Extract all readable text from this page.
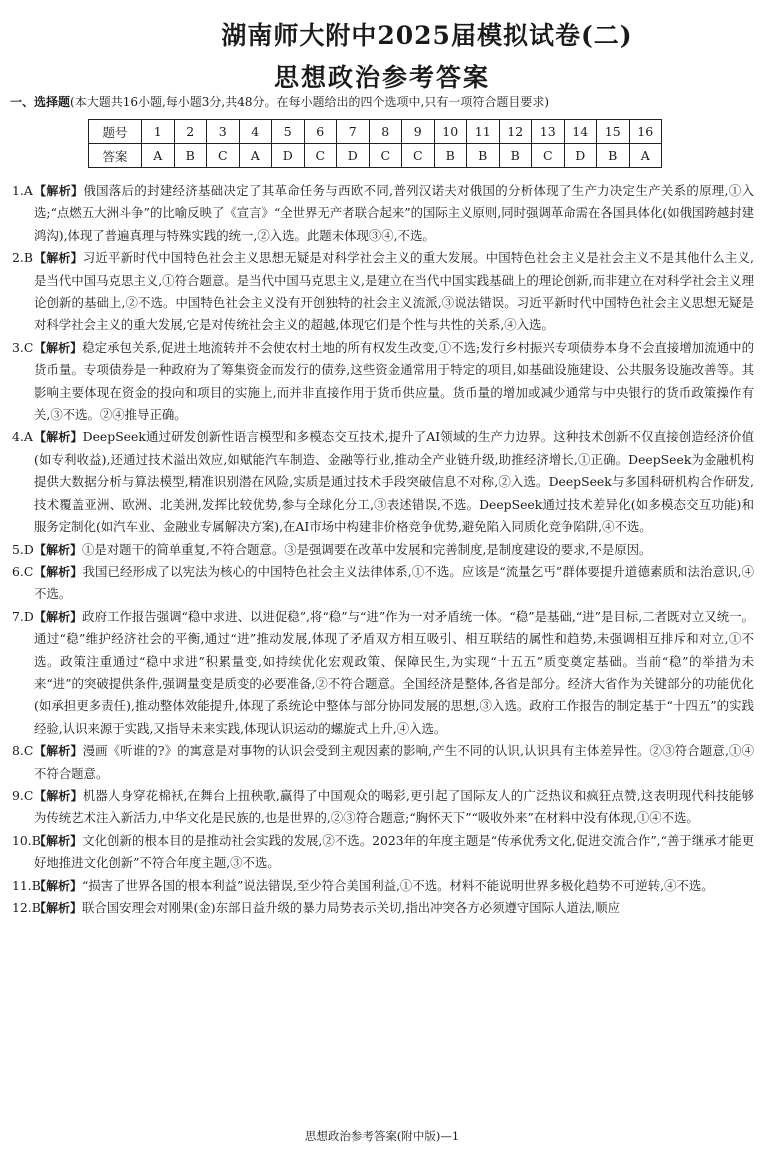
湖南师大附中2025届模拟试卷(二)
思想政治参考答案
一、选择题(本大题共16小题,每小题3分,共48分。在每小题给出的四个选项中,只有一项符合题目要求)
题号	1	2	3	4	5	6	7	8	9	10	11	12	13	14	15	16
答案	A	B	C	A	D	C	D	C	C	B	B	B	C	D	B	A

1.A 【解析】俄国落后的封建经济基础决定了其革命任务与西欧不同,普列汉诺夫对俄国的分析体现了生产力决定生产关系的原理,①入选;“点燃五大洲斗争”的比喻反映了《宣言》“全世界无产者联合起来”的国际主义原则,同时强调革命需在各国具体化(如俄国跨越封建鸿沟),体现了普遍真理与特殊实践的统一,②入选。此题未体现③④,不选。

2.B 【解析】习近平新时代中国特色社会主义思想无疑是对科学社会主义的重大发展。中国特色社会主义是社会主义不是其他什么主义,是当代中国马克思主义,①符合题意。是当代中国马克思主义,是建立在当代中国实践基础上的理论创新,而非建立在对科学社会主义理论创新的基础上,②不选。中国特色社会主义没有开创独特的社会主义流派,③说法错误。习近平新时代中国特色社会主义思想无疑是对科学社会主义的重大发展,它是对传统社会主义的超越,体现它们是个性与共性的关系,④入选。

3.C 【解析】稳定承包关系,促进土地流转并不会使农村土地的所有权发生改变,①不选;发行乡村振兴专项债券本身不会直接增加流通中的货币量。专项债券是一种政府为了筹集资金而发行的债券,这些资金通常用于特定的项目,如基础设施建设、公共服务设施改善等。其影响主要体现在资金的投向和项目的实施上,而并非直接作用于货币供应量。货币量的增加或减少通常与中央银行的货币政策操作有关,③不选。②④推导正确。

4.A 【解析】DeepSeek通过研发创新性语言模型和多模态交互技术,提升了AI领域的生产力边界。这种技术创新不仅直接创造经济价值(如专利收益),还通过技术溢出效应,如赋能汽车制造、金融等行业,推动全产业链升级,助推经济增长,①正确。DeepSeek为金融机构提供大数据分析与算法模型,精准识别潜在风险,实质是通过技术手段突破信息不对称,②入选。DeepSeek与多国科研机构合作研发,技术覆盖亚洲、欧洲、北美洲,发挥比较优势,参与全球化分工,③表述错误,不选。DeepSeek通过技术差异化(如多模态交互功能)和服务定制化(如汽车业、金融业专属解决方案),在AI市场中构建非价格竞争优势,避免陷入同质化竞争陷阱,④不选。

5.D 【解析】①是对题干的简单重复,不符合题意。③是强调要在改革中发展和完善制度,是制度建设的要求,不是原因。

6.C 【解析】我国已经形成了以宪法为核心的中国特色社会主义法律体系,①不选。应该是“流量乞丐”群体要提升道德素质和法治意识,④不选。

7.D 【解析】政府工作报告强调“稳中求进、以进促稳”,将“稳”与“进”作为一对矛盾统一体。“稳”是基础,“进”是目标,二者既对立又统一。通过“稳”维护经济社会的平衡,通过“进”推动发展,体现了矛盾双方相互吸引、相互联结的属性和趋势,未强调相互排斥和对立,①不选。政策注重通过“稳中求进”积累量变,如持续优化宏观政策、保障民生,为实现“十五五”质变奠定基础。当前“稳”的举措为未来“进”的突破提供条件,强调量变是质变的必要准备,②不符合题意。全国经济是整体,各省是部分。经济大省作为关键部分的功能优化(如承担更多责任),推动整体效能提升,体现了系统论中整体与部分协同发展的思想,③入选。政府工作报告的制定基于“十四五”的实践经验,认识来源于实践,又指导未来实践,体现认识运动的螺旋式上升,④入选。

8.C 【解析】漫画《听谁的?》的寓意是对事物的认识会受到主观因素的影响,产生不同的认识,认识具有主体差异性。②③符合题意,①④不符合题意。

9.C 【解析】机器人身穿花棉袄,在舞台上扭秧歌,赢得了中国观众的喝彩,更引起了国际友人的广泛热议和疯狂点赞,这表明现代科技能够为传统艺术注入新活力,中华文化是民族的,也是世界的,②③符合题意;“胸怀天下”“吸收外来”在材料中没有体现,①④不选。

10.B
【解析】文化创新的根本目的是推动社会实践的发展,②不选。2023年的年度主题是“传承优秀文化,促进交流合作”,“善于继承才能更好地推进文化创新”不符合年度主题,③不选。

11.B
【解析】“损害了世界各国的根本利益”说法错误,至少符合美国利益,①不选。材料不能说明世界多极化趋势不可逆转,④不选。

12.B
【解析】联合国安理会对刚果(金)东部日益升级的暴力局势表示关切,指出冲突各方必须遵守国际人道法,顺应

思想政治参考答案(附中版)—1
